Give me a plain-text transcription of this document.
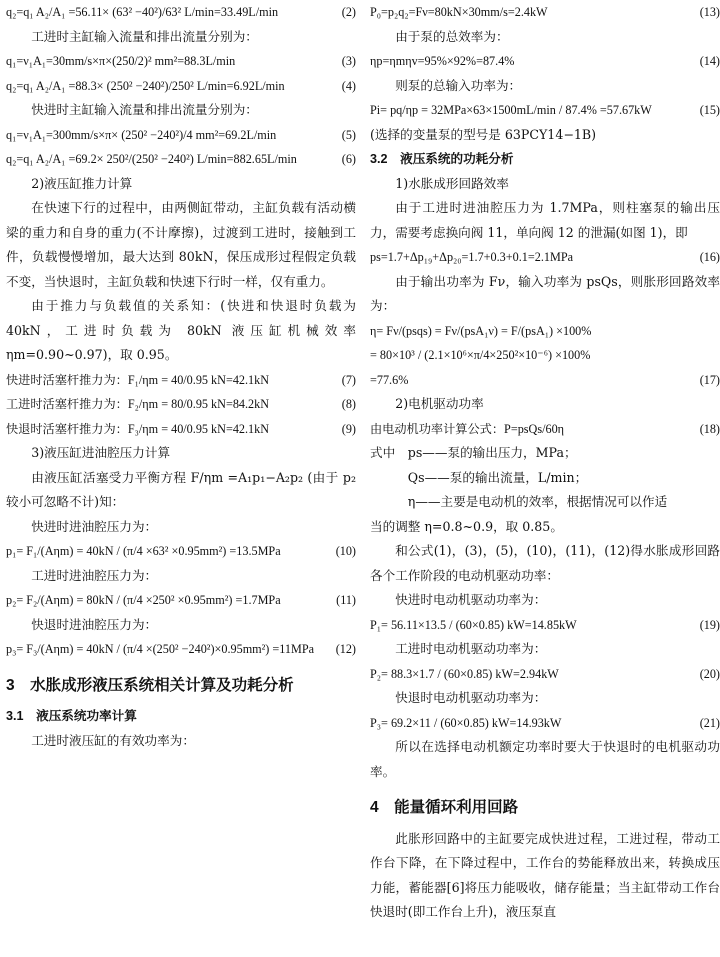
q₂=q₁ A₂/A₁ =56.11× (63² −40²)/63² L/min=33.49L/min	(2)
工进时主缸输入流量和排出流量分别为：
q₁=ν₁A₁=30mm/s×π×(250/2)² mm²=88.3L/min	(3)
q₂=q₁ A₂/A₁ =88.3× (250² −240²)/250² L/min=6.92L/min	(4)
快进时主缸输入流量和排出流量分别为：
q₁=ν₁A₁=300mm/s×π× (250² −240²)/4 mm²=69.2L/min	(5)
q₂=q₁ A₂/A₁ =69.2× 250²/(250² −240²) L/min=882.65L/min	(6)
2)液压缸推力计算
在快速下行的过程中，由两侧缸带动，主缸负载有活动横梁的重力和自身的重力(不计摩擦)，过渡到工进时，接触到工件，负载慢慢增加，最大达到 80kN，保压成形过程假定负载不变，当快退时，主缸负载和快速下行时一样，仅有重力。
由于推力与负载值的关系知：(快进和快退时负载为 40kN，工进时负载为 80kN 液压缸机械效率 ηm=0.90~0.97)，取 0.95。
快进时活塞杆推力为：F₁/ηm = 40/0.95 kN=42.1kN	(7)
工进时活塞杆推力为：F₂/ηm = 80/0.95 kN=84.2kN	(8)
快退时活塞杆推力为：F₃/ηm = 40/0.95 kN=42.1kN	(9)
3)液压缸进油腔压力计算
由液压缸活塞受力平衡方程 F/ηm =A₁p₁−A₂p₂ (由于 p₂ 较小可忽略不计)知：
快进时进油腔压力为：
p₁= F₁/(Aηm) = 40kN / (π/4 ×63² ×0.95mm²) =13.5MPa	(10)
工进时进油腔压力为：
p₂= F₂/(Aηm) = 80kN / (π/4 ×250² ×0.95mm²) =1.7MPa	(11)
快退时进油腔压力为：
p₃= F₃/(Aηm) = 40kN / (π/4 ×(250² −240²)×0.95mm²) =11MPa	(12)
3　水胀成形液压系统相关计算及功耗分析
3.1　液压系统功率计算
工进时液压缸的有效功率为：
P₀=p₂q₂=Fν=80kN×30mm/s=2.4kW	(13)
由于泵的总效率为：
ηp=ηmηv=95%×92%=87.4%	(14)
则泵的总输入功率为：
Pi= pq/ηp = 32MPa×63×1500mL/min / 87.4% =57.67kW	(15)
(选择的变量泵的型号是 63PCY14−1B)
3.2　液压系统的功耗分析
1)水胀成形回路效率
由于工进时进油腔压力为 1.7MPa，则柱塞泵的输出压力，需要考虑换向阀 11，单向阀 12 的泄漏(如图 1)，即
ps=1.7+Δp₁₉+Δp₂₀=1.7+0.3+0.1=2.1MPa	(16)
由于输出功率为 Fν，输入功率为 psQs，则胀形回路效率为：
η= Fν/(psqs) = Fν/(psA₁ν) = F/(psA₁) ×100%
= 80×10³ / (2.1×10⁶×π/4×250²×10⁻⁶) ×100%
=77.6%	(17)
2)电机驱动功率
由电动机功率计算公式：P=psQs/60η	(18)
式中　ps——泵的输出压力，MPa；
　　　Qs——泵的输出流量，L/min；
　　　η——主要是电动机的效率，根据情况可以作适
当的调整 η=0.8~0.9，取 0.85。
和公式(1)，(3)，(5)，(10)，(11)，(12)得水胀成形回路各个工作阶段的电动机驱动功率：
快进时电动机驱动功率为：
P₁= 56.11×13.5 / (60×0.85) kW=14.85kW	(19)
工进时电动机驱动功率为：
P₂= 88.3×1.7 / (60×0.85) kW=2.94kW	(20)
快退时电动机驱动功率为：
P₃= 69.2×11 / (60×0.85) kW=14.93kW	(21)
所以在选择电动机额定功率时要大于快退时的电机驱动功率。
4　能量循环利用回路
此胀形回路中的主缸要完成快进过程，工进过程，带动工作台下降，在下降过程中，工作台的势能释放出来，转换成压力能，蓄能器[6]将压力能吸收，储存能量；当主缸带动工作台快退时(即工作台上升)，液压泵直
